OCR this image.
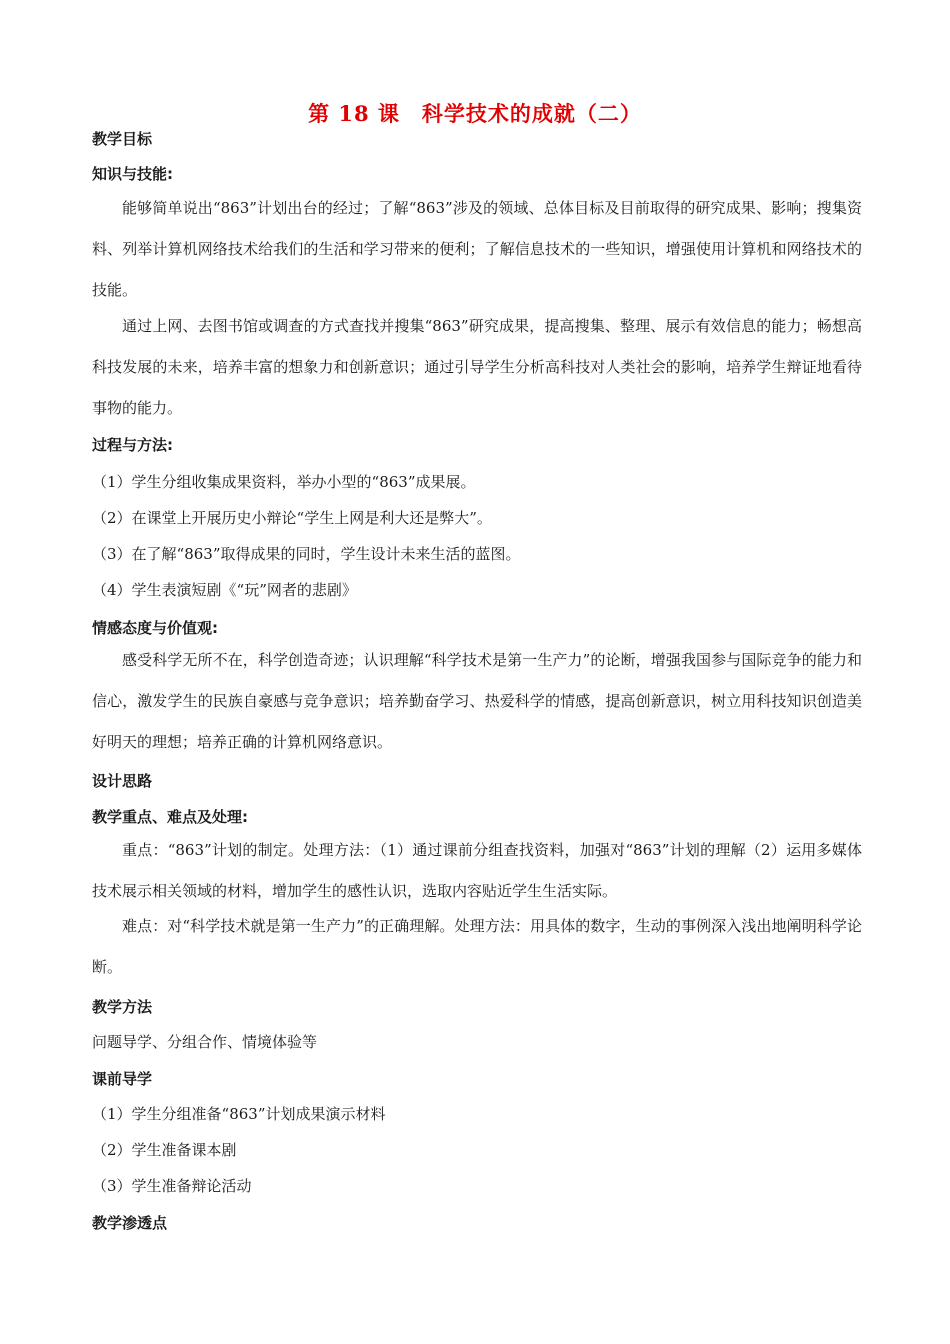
第 18 课　科学技术的成就（二）
教学目标
知识与技能:
能够简单说出“863”计划出台的经过；了解“863”涉及的领域、总体目标及目前取得的研究成果、影响；搜集资料、列举计算机网络技术给我们的生活和学习带来的便利；了解信息技术的一些知识，增强使用计算机和网络技术的技能。
通过上网、去图书馆或调查的方式查找并搜集“863”研究成果，提高搜集、整理、展示有效信息的能力；畅想高科技发展的未来，培养丰富的想象力和创新意识；通过引导学生分析高科技对人类社会的影响，培养学生辩证地看待事物的能力。
过程与方法:
（1）学生分组收集成果资料，举办小型的“863”成果展。
（2）在课堂上开展历史小辩论“学生上网是利大还是弊大”。
（3）在了解“863”取得成果的同时，学生设计未来生活的蓝图。
（4）学生表演短剧《“玩”网者的悲剧》
情感态度与价值观:
感受科学无所不在，科学创造奇迹；认识理解“科学技术是第一生产力”的论断，增强我国参与国际竞争的能力和信心，激发学生的民族自豪感与竞争意识；培养勤奋学习、热爱科学的情感，提高创新意识，树立用科技知识创造美好明天的理想；培养正确的计算机网络意识。
设计思路
教学重点、难点及处理:
重点：“863”计划的制定。处理方法：（1）通过课前分组查找资料，加强对“863”计划的理解（2）运用多媒体技术展示相关领域的材料，增加学生的感性认识，选取内容贴近学生生活实际。
难点：对“科学技术就是第一生产力”的正确理解。处理方法：用具体的数字，生动的事例深入浅出地阐明科学论断。
教学方法
问题导学、分组合作、情境体验等
课前导学
（1）学生分组准备“863”计划成果演示材料
（2）学生准备课本剧
（3）学生准备辩论活动
教学渗透点
